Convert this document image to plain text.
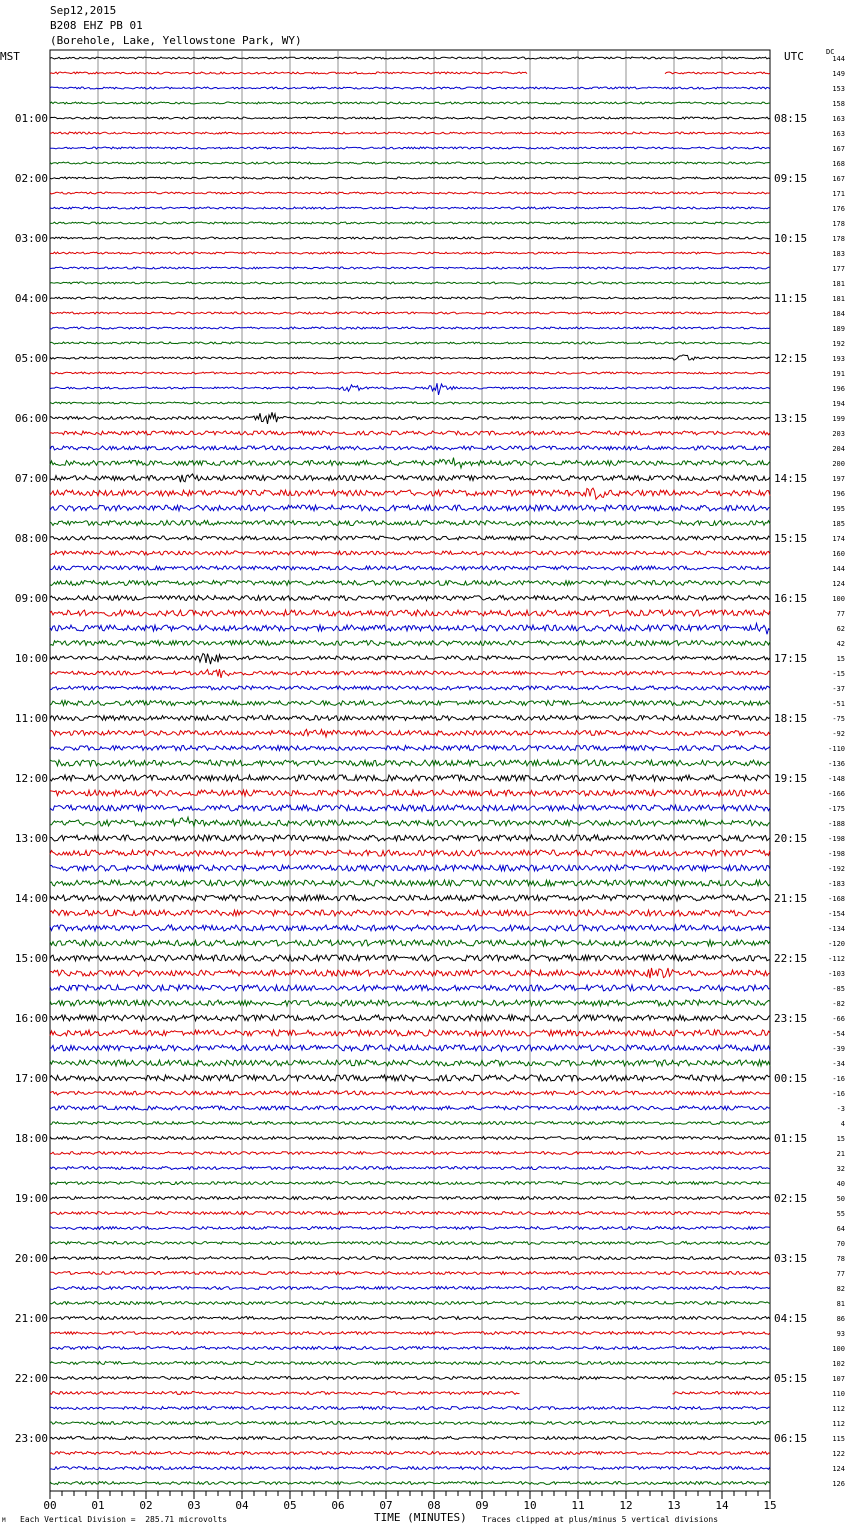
Sep12,2015
B208 EHZ PB 01
(Borehole, Lake, Yellowstone Park, WY)
MST	UTC	DC
144
149
153
158
163
163
167
168
167
171
176
178
178
183
177
181
181
184
189
192
193
191
196
194
199
203
204
200
197
196
195
185
174
160
144
124
100
77
62
42
15
-15
-37
-51
-75
-92
-110
-136
-148
-166
-175
-188
-198
-198
-192
-183
-168
-154
-134
-120
-112
-103
-85
-82
-66
-54
-39
-34
-16
-16
-3
4
15
21
32
40
50
55
64
70
78
77
82
81
86
93
100
102
107
110
112
112
115
122
124
126
01:00	08:15
02:00	09:15
03:00	10:15
04:00	11:15
05:00	12:15
06:00	13:15
07:00	14:15
08:00	15:15
09:00	16:15
10:00	17:15
11:00	18:15
12:00	19:15
13:00	20:15
14:00	21:15
15:00	22:15
16:00	23:15
17:00	00:15
18:00	01:15
19:00	02:15
20:00	03:15
21:00	04:15
22:00	05:15
23:00	06:15
00	01	02	03	04	05	06	07	08	09	10	11	12	13	14	15
M Each Vertical Division =  285.71 microvolts	TIME (MINUTES) Traces clipped at plus/minus 5 vertical divisions
